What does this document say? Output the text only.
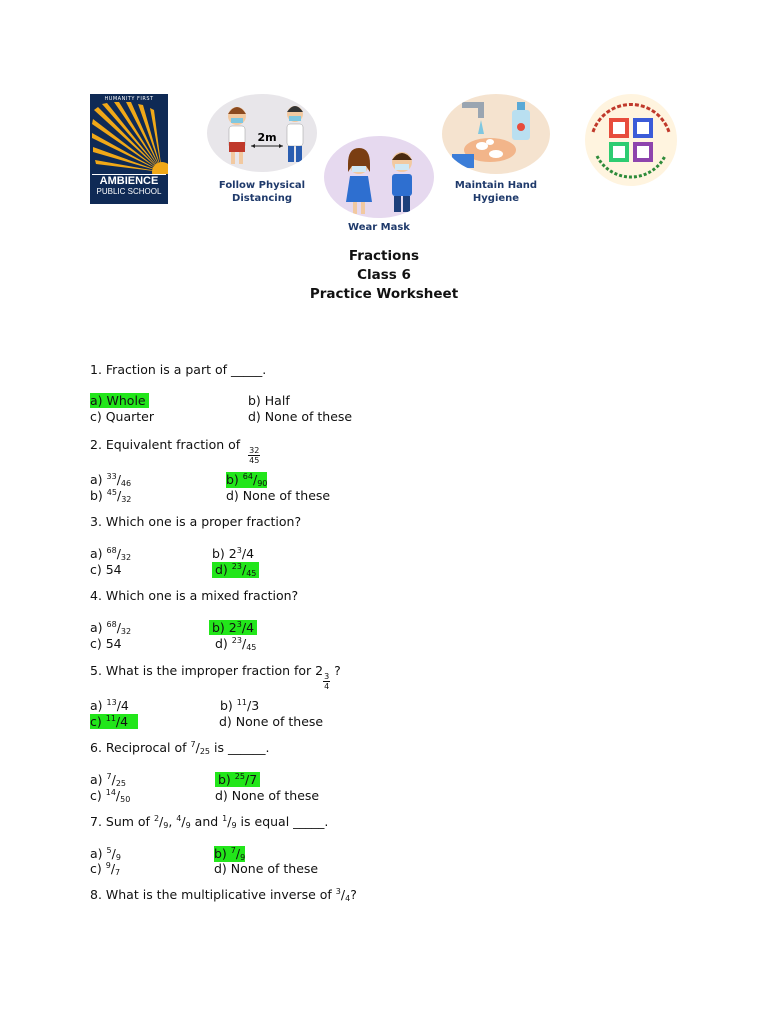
HUMANITY FIRST
AMBIENCE
PUBLIC SCHOOL
2m
Follow Physical
Distancing
Wear Mask
Maintain Hand
Hygiene
Fractions
Class 6
Practice Worksheet
1. Fraction is a part of _____.
a) Whole	b) Half
c) Quarter	d) None of these
2. Equivalent fraction of
$\frac{32}{45}$
a) $^{33}/_{46}$	b) $^{64}/_{90}$
b) $^{45}/_{32}$	d) None of these
3. Which one is a proper fraction?
a) $^{68}/_{32}$	b) $2^3/4$
c) 54	d) $^{23}/_{45}$
4. Which one is a mixed fraction?
a) $^{68}/_{32}$	b) $2^3/4$
c) 54	d) $^{23}/_{45}$
5. What is the improper fraction for 2
$\frac{3}{4}$
?
a) $^{13}$/4	b) $^{11}$/3
c) $^{11}$/4	d) None of these
6. Reciprocal of $^7/_{25}$ is ______.
a) $^7/_{25}$	b) $^{25}$/7
c) $^{14}/_{50}$	d) None of these
7. Sum of $^2/_9$, $^4/_9$ and $^1/_9$ is equal _____.
a) $^5/_9$	b) $^7/_9$
c) $^9/_7$	d) None of these
8. What is the multiplicative inverse of $^3/_4$?
